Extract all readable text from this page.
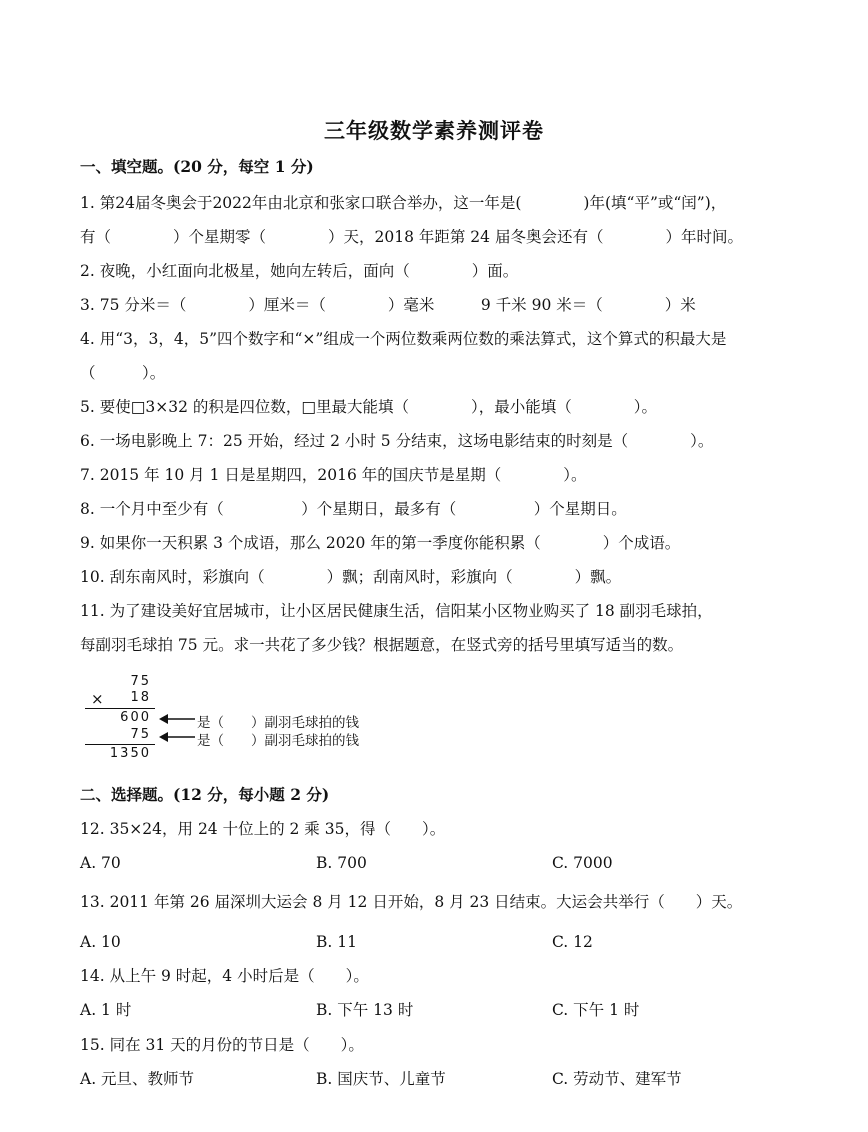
三年级数学素养测评卷
一、填空题。(20 分，每空 1 分)
1. 第24届冬奥会于2022年由北京和张家口联合举办，这一年是(　　　　)年(填“平”或“闰”)，
有（　　　　）个星期零（　　　　）天，2018 年距第 24 届冬奥会还有（　　　　）年时间。
2. 夜晚，小红面向北极星，她向左转后，面向（　　　　）面。
3. 75 分米＝（　　　　）厘米＝（　　　　）毫米　　　9 千米 90 米＝（　　　　）米
4. 用“3，3，4，5”四个数字和“×”组成一个两位数乘两位数的乘法算式，这个算式的积最大是
（　　　）。
5. 要使□3×32 的积是四位数，□里最大能填（　　　　），最小能填（　　　　）。
6. 一场电影晚上 7：25 开始，经过 2 小时 5 分结束，这场电影结束的时刻是（　　　　）。
7. 2015 年 10 月 1 日是星期四，2016 年的国庆节是星期（　　　　）。
8. 一个月中至少有（　　　　　）个星期日，最多有（　　　　　）个星期日。
9. 如果你一天积累 3 个成语，那么 2020 年的第一季度你能积累（　　　　）个成语。
10. 刮东南风时，彩旗向（　　　　）飘；刮南风时，彩旗向（　　　　）飘。
11. 为了建设美好宜居城市，让小区居民健康生活，信阳某小区物业购买了 18 副羽毛球拍，
每副羽毛球拍 75 元。求一共花了多少钱？根据题意，在竖式旁的括号里填写适当的数。
75
×	18
600	是（　　）副羽毛球拍的钱
75	是（　　）副羽毛球拍的钱
1350
二、选择题。(12 分，每小题 2 分)
12. 35×24，用 24 十位上的 2 乘 35，得（　　）。
A. 70	B. 700	C. 7000
13. 2011 年第 26 届深圳大运会 8 月 12 日开始，8 月 23 日结束。大运会共举行（　　）天。
A. 10	B. 11	C. 12
14. 从上午 9 时起，4 小时后是（　　）。
A. 1 时	B. 下午 13 时	C. 下午 1 时
15. 同在 31 天的月份的节日是（　　）。
A. 元旦、教师节	B. 国庆节、儿童节	C. 劳动节、建军节
